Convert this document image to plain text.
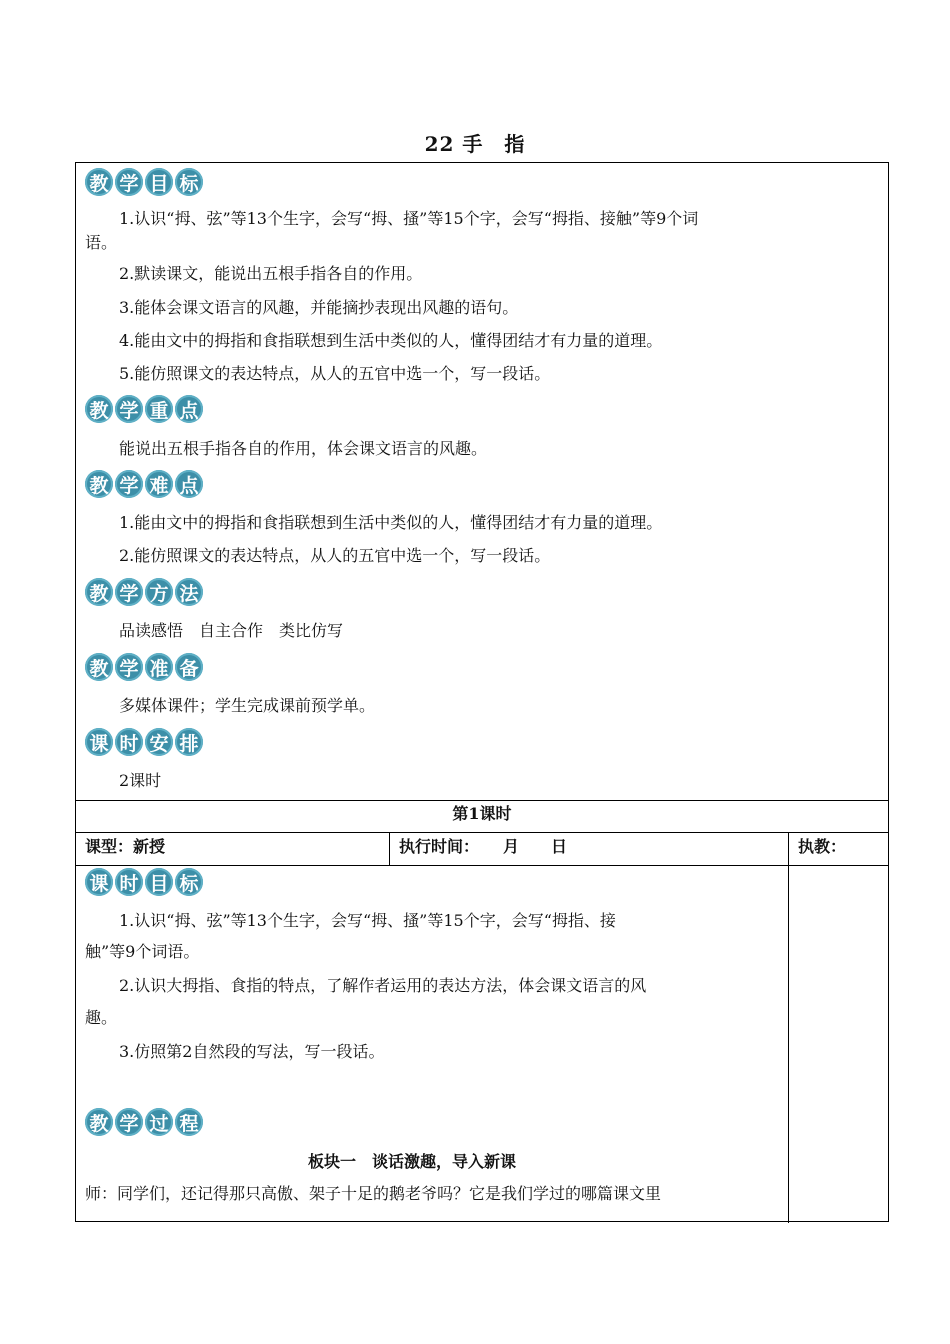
22 手　指
教 学 目 标
1.认识“拇、弦”等13个生字，会写“拇、搔”等15个字，会写“拇指、接触”等9个词
语。
2.默读课文，能说出五根手指各自的作用。
3.能体会课文语言的风趣，并能摘抄表现出风趣的语句。
4.能由文中的拇指和食指联想到生活中类似的人，懂得团结才有力量的道理。
5.能仿照课文的表达特点，从人的五官中选一个，写一段话。
教 学 重 点
能说出五根手指各自的作用，体会课文语言的风趣。
教 学 难 点
1.能由文中的拇指和食指联想到生活中类似的人，懂得团结才有力量的道理。
2.能仿照课文的表达特点，从人的五官中选一个，写一段话。
教 学 方 法
品读感悟　自主合作　类比仿写
教 学 准 备
多媒体课件；学生完成课前预学单。
课 时 安 排
2课时
第1课时
课型：新授	执行时间：　　月　　日	执教：
课 时 目 标
1.认识“拇、弦”等13个生字，会写“拇、搔”等15个字，会写“拇指、接
触”等9个词语。
2.认识大拇指、食指的特点，了解作者运用的表达方法，体会课文语言的风
趣。
3.仿照第2自然段的写法，写一段话。
教 学 过 程
板块一　谈话激趣，导入新课
师：同学们，还记得那只高傲、架子十足的鹅老爷吗？它是我们学过的哪篇课文里
